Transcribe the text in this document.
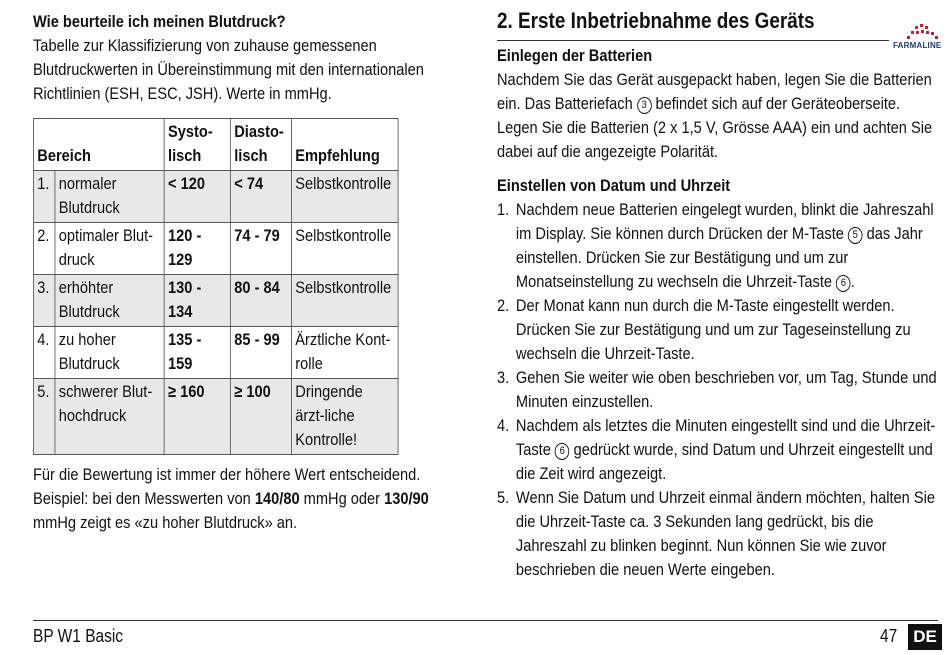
Wie beurteile ich meinen Blutdruck?
Tabelle zur Klassifizierung von zuhause gemessenen Blutdruckwerten in Übereinstimmung mit den internationalen Richtlinien (ESH, ESC, JSH). Werte in mmHg.
Bereich		Systo-lisch	Diasto-lisch	Empfehlung
1.	normaler Blutdruck	< 120	< 74	Selbstkontrolle
2.	optimaler Blut-druck	120 - 129	74 - 79	Selbstkontrolle
3.	erhöhter Blutdruck	130 - 134	80 - 84	Selbstkontrolle
4.	zu hoher Blutdruck	135 - 159	85 - 99	Ärztliche Kont-rolle
5.	schwerer Blut-hochdruck	≥ 160	≥ 100	Dringende ärzt-liche Kontrolle!
Für die Bewertung ist immer der höhere Wert entscheidend. Beispiel: bei den Messwerten von 140/80 mmHg oder 130/90 mmHg zeigt es «zu hoher Blutdruck» an.
2. Erste Inbetriebnahme des Geräts
Einlegen der Batterien
Nachdem Sie das Gerät ausgepackt haben, legen Sie die Batterien ein. Das Batteriefach 3 befindet sich auf der Geräteoberseite. Legen Sie die Batterien (2 x 1,5 V, Grösse AAA) ein und achten Sie dabei auf die angezeigte Polarität.
Einstellen von Datum und Uhrzeit
1. Nachdem neue Batterien eingelegt wurden, blinkt die Jahreszahl im Display. Sie können durch Drücken der M-Taste 5 das Jahr einstellen. Drücken Sie zur Bestätigung und um zur Monatseinstellung zu wechseln die Uhrzeit-Taste 6 .
2. Der Monat kann nun durch die M-Taste eingestellt werden. Drücken Sie zur Bestätigung und um zur Tageseinstellung zu wechseln die Uhrzeit-Taste.
3. Gehen Sie weiter wie oben beschrieben vor, um Tag, Stunde und Minuten einzustellen.
4. Nachdem als letztes die Minuten eingestellt sind und die Uhrzeit-Taste 6 gedrückt wurde, sind Datum und Uhrzeit eingestellt und die Zeit wird angezeigt.
5. Wenn Sie Datum und Uhrzeit einmal ändern möchten, halten Sie die Uhrzeit-Taste ca. 3 Sekunden lang gedrückt, bis die Jahreszahl zu blinken beginnt. Nun können Sie wie zuvor beschrieben die neuen Werte eingeben.
FARMALINE
BP W1 Basic	47 DE
